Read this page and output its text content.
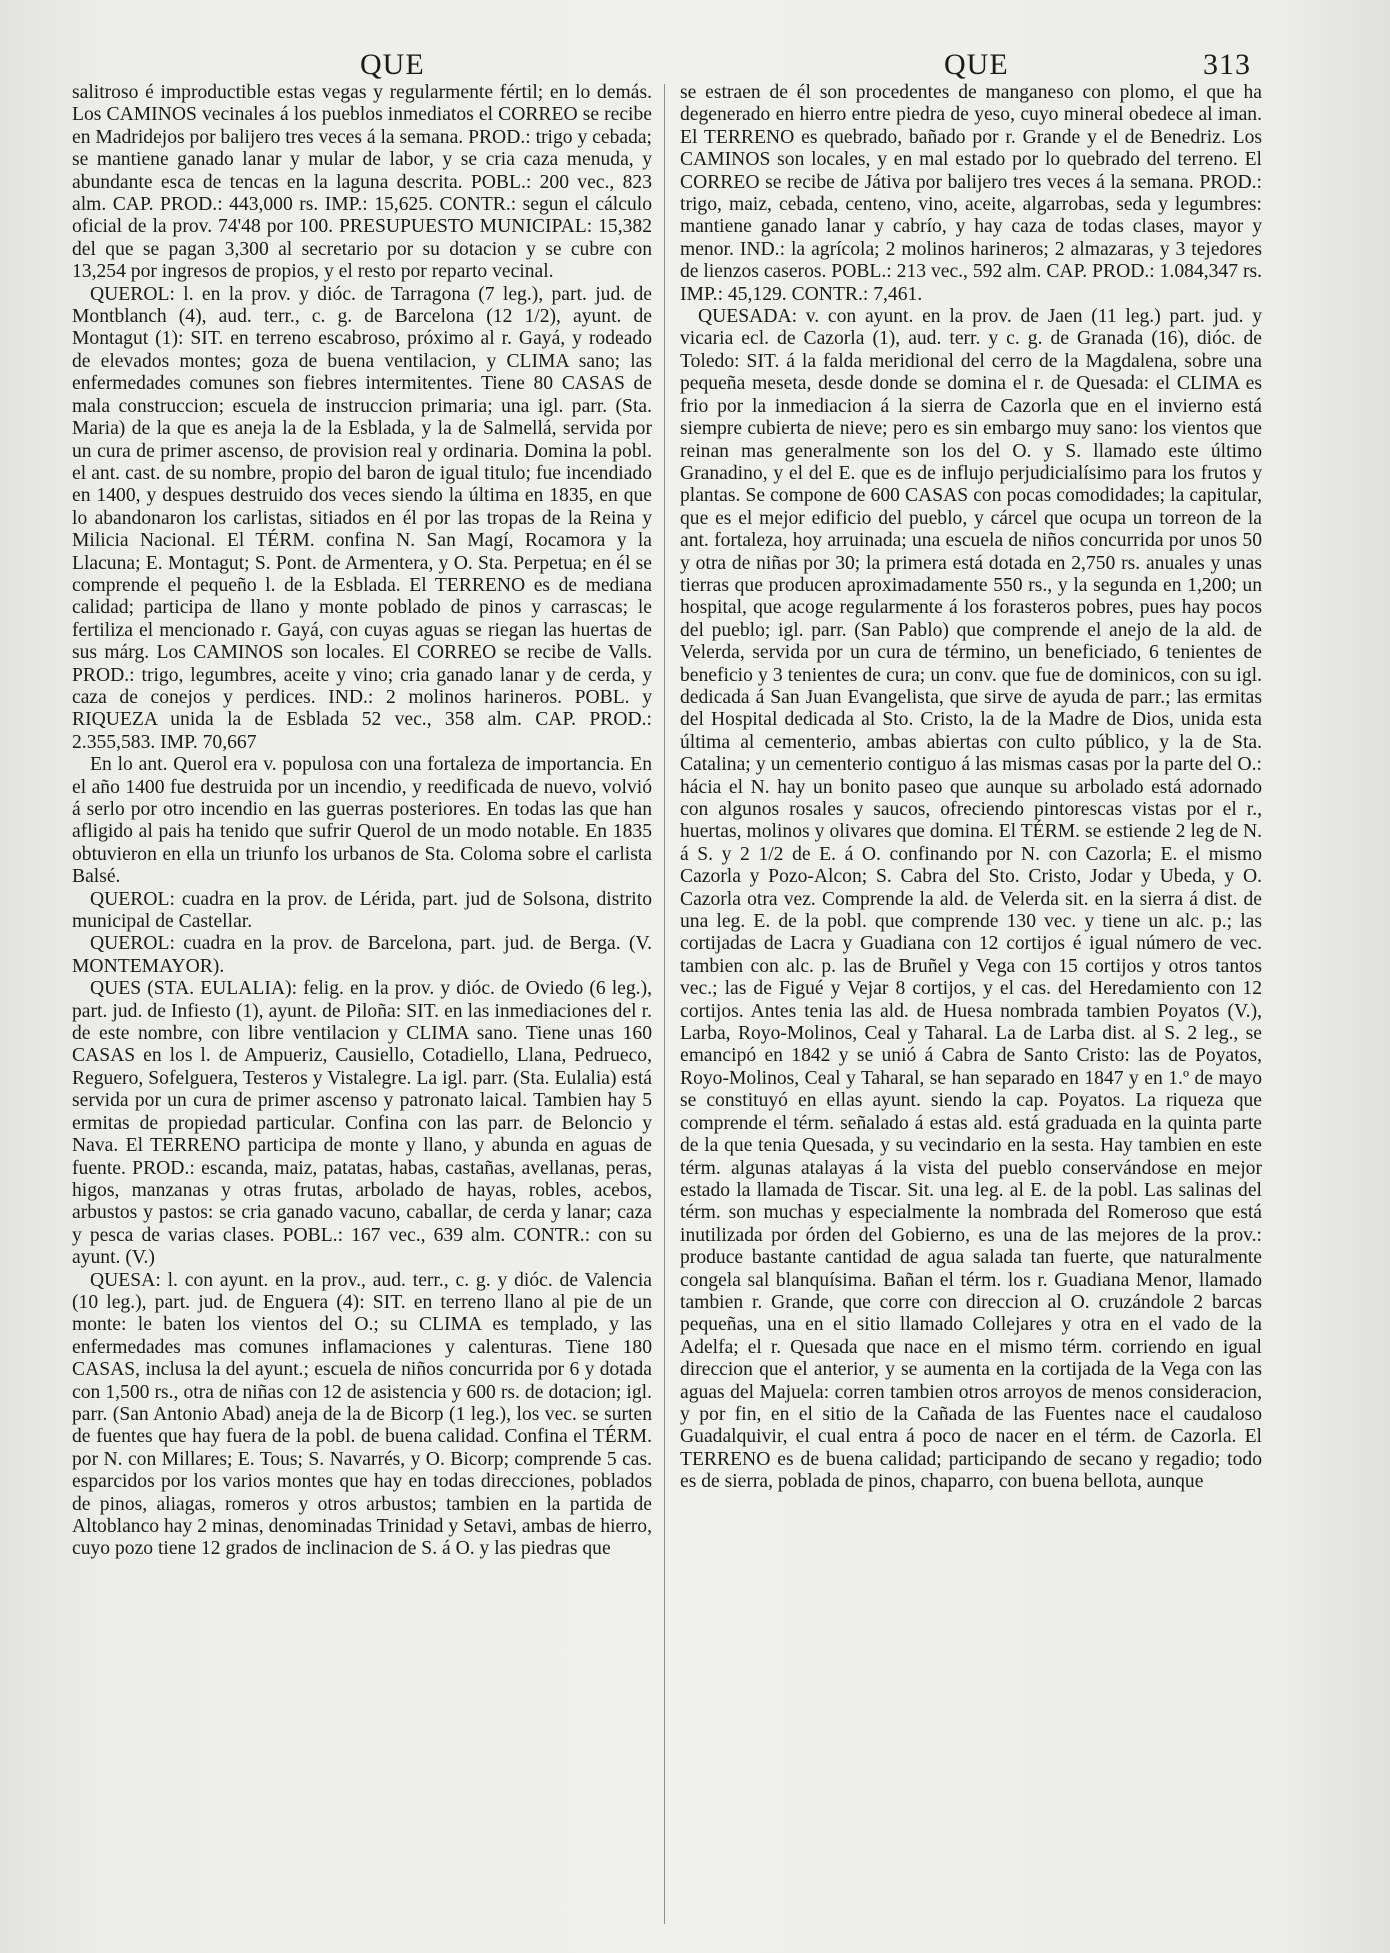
QUE	QUE	313

salitroso é improductible estas vegas y regularmente fértil; en lo demás. Los CAMINOS vecinales á los pueblos inmediatos el CORREO se recibe en Madridejos por balijero tres veces á la semana. PROD.: trigo y cebada; se mantiene ganado lanar y mular de labor, y se cria caza menuda, y abundante esca de tencas en la laguna descrita. POBL.: 200 vec., 823 alm. CAP. PROD.: 443,000 rs. IMP.: 15,625. CONTR.: segun el cálculo oficial de la prov. 74'48 por 100. PRESUPUESTO MUNICIPAL: 15,382 del que se pagan 3,300 al secretario por su dotacion y se cubre con 13,254 por ingresos de propios, y el resto por reparto vecinal.

QUEROL: l. en la prov. y dióc. de Tarragona (7 leg.), part. jud. de Montblanch (4), aud. terr., c. g. de Barcelona (12 1/2), ayunt. de Montagut (1): SIT. en terreno escabroso, próximo al r. Gayá, y rodeado de elevados montes; goza de buena ventilacion, y CLIMA sano; las enfermedades comunes son fiebres intermitentes. Tiene 80 CASAS de mala construccion; escuela de instruccion primaria; una igl. parr. (Sta. Maria) de la que es aneja la de la Esblada, y la de Salmellá, servida por un cura de primer ascenso, de provision real y ordinaria. Domina la pobl. el ant. cast. de su nombre, propio del baron de igual titulo; fue incendiado en 1400, y despues destruido dos veces siendo la última en 1835, en que lo abandonaron los carlistas, sitiados en él por las tropas de la Reina y Milicia Nacional. El TÉRM. confina N. San Magí, Rocamora y la Llacuna; E. Montagut; S. Pont. de Armentera, y O. Sta. Perpetua; en él se comprende el pequeño l. de la Esblada. El TERRENO es de mediana calidad; participa de llano y monte poblado de pinos y carrascas; le fertiliza el mencionado r. Gayá, con cuyas aguas se riegan las huertas de sus márg. Los CAMINOS son locales. El CORREO se recibe de Valls. PROD.: trigo, legumbres, aceite y vino; cria ganado lanar y de cerda, y caza de conejos y perdices. IND.: 2 molinos harineros. POBL. y RIQUEZA unida la de Esblada 52 vec., 358 alm. CAP. PROD.: 2.355,583. IMP. 70,667

En lo ant. Querol era v. populosa con una fortaleza de importancia. En el año 1400 fue destruida por un incendio, y reedificada de nuevo, volvió á serlo por otro incendio en las guerras posteriores. En todas las que han afligido al pais ha tenido que sufrir Querol de un modo notable. En 1835 obtuvieron en ella un triunfo los urbanos de Sta. Coloma sobre el carlista Balsé.

QUEROL: cuadra en la prov. de Lérida, part. jud de Solsona, distrito municipal de Castellar.

QUEROL: cuadra en la prov. de Barcelona, part. jud. de Berga. (V. MONTEMAYOR).

QUES (STA. EULALIA): felig. en la prov. y dióc. de Oviedo (6 leg.), part. jud. de Infiesto (1), ayunt. de Piloña: SIT. en las inmediaciones del r. de este nombre, con libre ventilacion y CLIMA sano. Tiene unas 160 CASAS en los l. de Ampueriz, Causiello, Cotadiello, Llana, Pedrueco, Reguero, Sofelguera, Testeros y Vistalegre. La igl. parr. (Sta. Eulalia) está servida por un cura de primer ascenso y patronato laical. Tambien hay 5 ermitas de propiedad particular. Confina con las parr. de Beloncio y Nava. El TERRENO participa de monte y llano, y abunda en aguas de fuente. PROD.: escanda, maiz, patatas, habas, castañas, avellanas, peras, higos, manzanas y otras frutas, arbolado de hayas, robles, acebos, arbustos y pastos: se cria ganado vacuno, caballar, de cerda y lanar; caza y pesca de varias clases. POBL.: 167 vec., 639 alm. CONTR.: con su ayunt. (V.)

QUESA: l. con ayunt. en la prov., aud. terr., c. g. y dióc. de Valencia (10 leg.), part. jud. de Enguera (4): SIT. en terreno llano al pie de un monte: le baten los vientos del O.; su CLIMA es templado, y las enfermedades mas comunes inflamaciones y calenturas. Tiene 180 CASAS, inclusa la del ayunt.; escuela de niños concurrida por 6 y dotada con 1,500 rs., otra de niñas con 12 de asistencia y 600 rs. de dotacion; igl. parr. (San Antonio Abad) aneja de la de Bicorp (1 leg.), los vec. se surten de fuentes que hay fuera de la pobl. de buena calidad. Confina el TÉRM. por N. con Millares; E. Tous; S. Navarrés, y O. Bicorp; comprende 5 cas. esparcidos por los varios montes que hay en todas direcciones, poblados de pinos, aliagas, romeros y otros arbustos; tambien en la partida de Altoblanco hay 2 minas, denominadas Trinidad y Setavi, ambas de hierro, cuyo pozo tiene 12 grados de inclinacion de S. á O. y las piedras que

se estraen de él son procedentes de manganeso con plomo, el que ha degenerado en hierro entre piedra de yeso, cuyo mineral obedece al iman. El TERRENO es quebrado, bañado por r. Grande y el de Benedriz. Los CAMINOS son locales, y en mal estado por lo quebrado del terreno. El CORREO se recibe de Játiva por balijero tres veces á la semana. PROD.: trigo, maiz, cebada, centeno, vino, aceite, algarrobas, seda y legumbres: mantiene ganado lanar y cabrío, y hay caza de todas clases, mayor y menor. IND.: la agrícola; 2 molinos harineros; 2 almazaras, y 3 tejedores de lienzos caseros. POBL.: 213 vec., 592 alm. CAP. PROD.: 1.084,347 rs. IMP.: 45,129. CONTR.: 7,461.

QUESADA: v. con ayunt. en la prov. de Jaen (11 leg.) part. jud. y vicaria ecl. de Cazorla (1), aud. terr. y c. g. de Granada (16), dióc. de Toledo: SIT. á la falda meridional del cerro de la Magdalena, sobre una pequeña meseta, desde donde se domina el r. de Quesada: el CLIMA es frio por la inmediacion á la sierra de Cazorla que en el invierno está siempre cubierta de nieve; pero es sin embargo muy sano: los vientos que reinan mas generalmente son los del O. y S. llamado este último Granadino, y el del E. que es de influjo perjudicialísimo para los frutos y plantas. Se compone de 600 CASAS con pocas comodidades; la capitular, que es el mejor edificio del pueblo, y cárcel que ocupa un torreon de la ant. fortaleza, hoy arruinada; una escuela de niños concurrida por unos 50 y otra de niñas por 30; la primera está dotada en 2,750 rs. anuales y unas tierras que producen aproximadamente 550 rs., y la segunda en 1,200; un hospital, que acoge regularmente á los forasteros pobres, pues hay pocos del pueblo; igl. parr. (San Pablo) que comprende el anejo de la ald. de Velerda, servida por un cura de término, un beneficiado, 6 tenientes de beneficio y 3 tenientes de cura; un conv. que fue de dominicos, con su igl. dedicada á San Juan Evangelista, que sirve de ayuda de parr.; las ermitas del Hospital dedicada al Sto. Cristo, la de la Madre de Dios, unida esta última al cementerio, ambas abiertas con culto público, y la de Sta. Catalina; y un cementerio contiguo á las mismas casas por la parte del O.: hácia el N. hay un bonito paseo que aunque su arbolado está adornado con algunos rosales y saucos, ofreciendo pintorescas vistas por el r., huertas, molinos y olivares que domina. El TÉRM. se estiende 2 leg de N. á S. y 2 1/2 de E. á O. confinando por N. con Cazorla; E. el mismo Cazorla y Pozo-Alcon; S. Cabra del Sto. Cristo, Jodar y Ubeda, y O. Cazorla otra vez. Comprende la ald. de Velerda sit. en la sierra á dist. de una leg. E. de la pobl. que comprende 130 vec. y tiene un alc. p.; las cortijadas de Lacra y Guadiana con 12 cortijos é igual número de vec. tambien con alc. p. las de Bruñel y Vega con 15 cortijos y otros tantos vec.; las de Figué y Vejar 8 cortijos, y el cas. del Heredamiento con 12 cortijos. Antes tenia las ald. de Huesa nombrada tambien Poyatos (V.), Larba, Royo-Molinos, Ceal y Taharal. La de Larba dist. al S. 2 leg., se emancipó en 1842 y se unió á Cabra de Santo Cristo: las de Poyatos, Royo-Molinos, Ceal y Taharal, se han separado en 1847 y en 1.º de mayo se constituyó en ellas ayunt. siendo la cap. Poyatos. La riqueza que comprende el térm. señalado á estas ald. está graduada en la quinta parte de la que tenia Quesada, y su vecindario en la sesta. Hay tambien en este térm. algunas atalayas á la vista del pueblo conservándose en mejor estado la llamada de Tiscar. Sit. una leg. al E. de la pobl. Las salinas del térm. son muchas y especialmente la nombrada del Romeroso que está inutilizada por órden del Gobierno, es una de las mejores de la prov.: produce bastante cantidad de agua salada tan fuerte, que naturalmente congela sal blanquísima. Bañan el térm. los r. Guadiana Menor, llamado tambien r. Grande, que corre con direccion al O. cruzándole 2 barcas pequeñas, una en el sitio llamado Collejares y otra en el vado de la Adelfa; el r. Quesada que nace en el mismo térm. corriendo en igual direccion que el anterior, y se aumenta en la cortijada de la Vega con las aguas del Majuela: corren tambien otros arroyos de menos consideracion, y por fin, en el sitio de la Cañada de las Fuentes nace el caudaloso Guadalquivir, el cual entra á poco de nacer en el térm. de Cazorla. El TERRENO es de buena calidad; participando de secano y regadio; todo es de sierra, poblada de pinos, chaparro, con buena bellota, aunque
